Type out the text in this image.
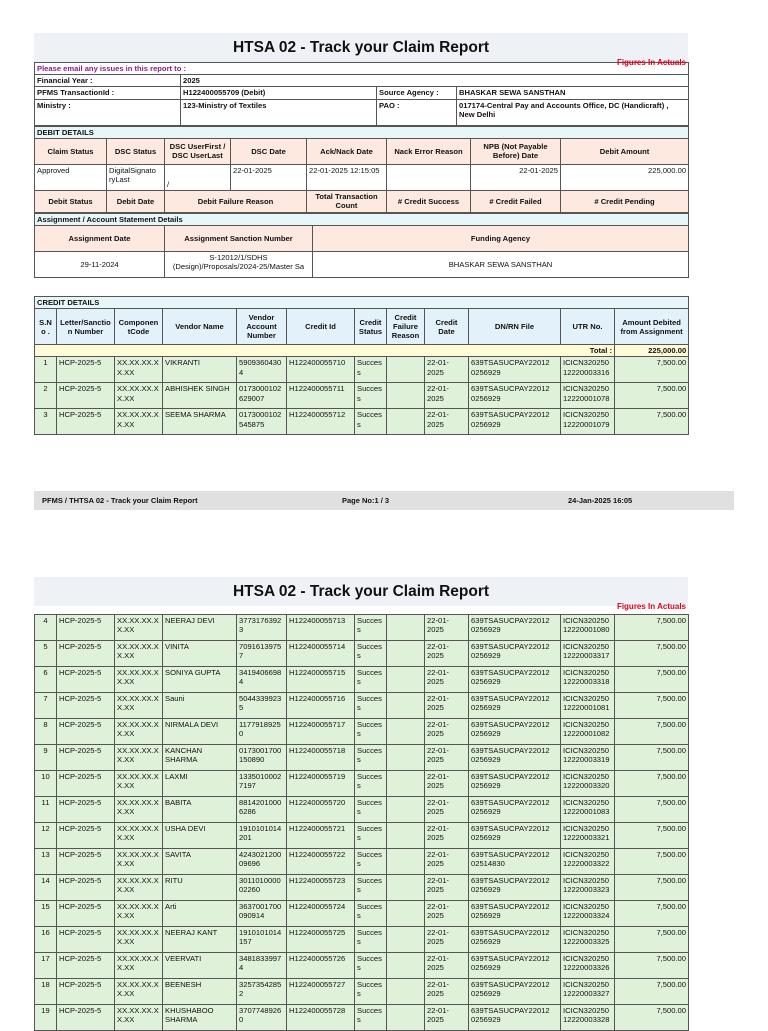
HTSA 02 - Track your Claim Report
Figures In Actuals
Please email any issues in this report to :			
Financial Year :	2025		
PFMS TransactionId :	H122400055709 (Debit)	Source Agency :	BHASKAR SEWA SANSTHAN
Ministry :	123-Ministry of Textiles	PAO :	017174-Central Pay and Accounts Office, DC (Handicraft) , New Delhi
DEBIT DETAILS							
Claim Status	DSC Status	DSC UserFirst / DSC UserLast	DSC Date	Ack/Nack Date	Nack Error Reason	NPB (Not Payable Before) Date	Debit Amount
Approved	DigitalSignato ryLast	/	22-01-2025	22-01-2025 12:15:05		22-01-2025	225,000.00
Debit Status	Debit Date	Debit Failure Reason		Total Transaction Count	# Credit Success	# Credit Failed	# Credit Pending
Assignment / Account Statement Details		
Assignment Date	Assignment Sanction Number	Funding Agency
29-11-2024	S-12012/1/SDHS (Design)/Proposals/2024-25/Master Sa	BHASKAR SEWA SANSTHAN
CREDIT DETAILS											
S.No .	Letter/Sanctio n Number	Componen tCode	Vendor Name	Vendor Account Number	Credit Id	Credit Status	Credit Failure Reason	Credit Date	DN/RN File	UTR No.	Amount Debited from Assignment
Total :											225,000.00
1	HCP-2025-5	XX.XX.XX.X X.XX	VIKRANTI	5909360430 4	H122400055710	Success		22-01- 2025	639TSASUCPAY22012 0256929	ICICN320250 12220003316	7,500.00
2	HCP-2025-5	XX.XX.XX.X X.XX	ABHISHEK SINGH	0173000102 629007	H122400055711	Success		22-01- 2025	639TSASUCPAY22012 0256929	ICICN320250 12220001078	7,500.00
3	HCP-2025-5	XX.XX.XX.X X.XX	SEEMA SHARMA	0173000102 545875	H122400055712	Success		22-01- 2025	639TSASUCPAY22012 0256929	ICICN320250 12220001079	7,500.00
PFMS / THTSA 02 - Track your Claim Report	Page No:1 / 3	24-Jan-2025 16:05
HTSA 02 - Track your Claim Report
Figures In Actuals
4	HCP-2025-5	XX.XX.XX.X X.XX	NEERAJ DEVI	3773176392 3	H122400055713	Success		22-01- 2025	639TSASUCPAY22012 0256929	ICICN320250 12220001080	7,500.00
5	HCP-2025-5	XX.XX.XX.X X.XX	VINITA	7091613975 7	H122400055714	Success		22-01- 2025	639TSASUCPAY22012 0256929	ICICN320250 12220003317	7,500.00
6	HCP-2025-5	XX.XX.XX.X X.XX	SONIYA GUPTA	3419406698 4	H122400055715	Success		22-01- 2025	639TSASUCPAY22012 0256929	ICICN320250 12220003318	7,500.00
7	HCP-2025-5	XX.XX.XX.X X.XX	Sauni	5044339923 5	H122400055716	Success		22-01- 2025	639TSASUCPAY22012 0256929	ICICN320250 12220001081	7,500.00
8	HCP-2025-5	XX.XX.XX.X X.XX	NIRMALA DEVI	1177918925 0	H122400055717	Success		22-01- 2025	639TSASUCPAY22012 0256929	ICICN320250 12220001082	7,500.00
9	HCP-2025-5	XX.XX.XX.X X.XX	KANCHAN SHARMA	0173001700 150890	H122400055718	Success		22-01- 2025	639TSASUCPAY22012 0256929	ICICN320250 12220003319	7,500.00
10	HCP-2025-5	XX.XX.XX.X X.XX	LAXMI	1335010002 7197	H122400055719	Success		22-01- 2025	639TSASUCPAY22012 0256929	ICICN320250 12220003320	7,500.00
11	HCP-2025-5	XX.XX.XX.X X.XX	BABITA	8814201000 6286	H122400055720	Success		22-01- 2025	639TSASUCPAY22012 0256929	ICICN320250 12220001083	7,500.00
12	HCP-2025-5	XX.XX.XX.X X.XX	USHA DEVI	1910101014 201	H122400055721	Success		22-01- 2025	639TSASUCPAY22012 0256929	ICICN320250 12220003321	7,500.00
13	HCP-2025-5	XX.XX.XX.X X.XX	SAVITA	4243021200 09696	H122400055722	Success		22-01- 2025	639TSASUCPAY22012 02514830	ICICN320250 12220003322	7,500.00
14	HCP-2025-5	XX.XX.XX.X X.XX	RITU	3011010000 02260	H122400055723	Success		22-01- 2025	639TSASUCPAY22012 0256929	ICICN320250 12220003323	7,500.00
15	HCP-2025-5	XX.XX.XX.X X.XX	Arti	3637001700 090914	H122400055724	Success		22-01- 2025	639TSASUCPAY22012 0256929	ICICN320250 12220003324	7,500.00
16	HCP-2025-5	XX.XX.XX.X X.XX	NEERAJ KANT	1910101014 157	H122400055725	Success		22-01- 2025	639TSASUCPAY22012 0256929	ICICN320250 12220003325	7,500.00
17	HCP-2025-5	XX.XX.XX.X X.XX	VEERVATI	3481833997 4	H122400055726	Success		22-01- 2025	639TSASUCPAY22012 0256929	ICICN320250 12220003326	7,500.00
18	HCP-2025-5	XX.XX.XX.X X.XX	BEENESH	3257354285 2	H122400055727	Success		22-01- 2025	639TSASUCPAY22012 0256929	ICICN320250 12220003327	7,500.00
19	HCP-2025-5	XX.XX.XX.X X.XX	KHUSHABOO SHARMA	3707748926 0	H122400055728	Success		22-01- 2025	639TSASUCPAY22012 0256929	ICICN320250 12220003328	7,500.00
